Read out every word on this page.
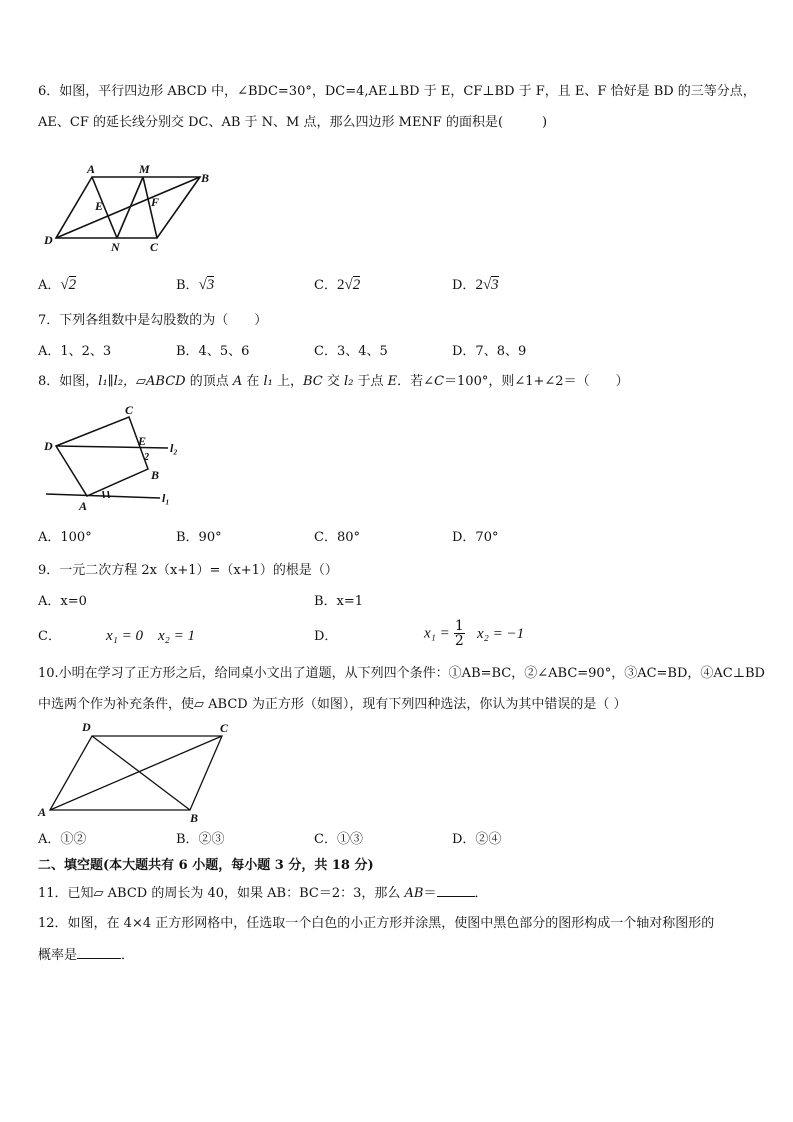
6．如图，平行四边形 ABCD 中，∠BDC=30°，DC=4,AE⊥BD 于 E，CF⊥BD 于 F，且 E、F 恰好是 BD 的三等分点，
AE、CF 的延长线分别交 DC、AB 于 N、M 点，那么四边形 MENF 的面积是(　　　)
A	M
B
E	F
D	N	C
A．√2	B．√3	C．2√2	D．2√3
7．下列各组数中是勾股数的为（　　）
A．1、2、3	B．4、5、6	C．3、4、5	D．7、8、9
8．如图，l₁∥l₂，▱ABCD 的顶点 A 在 l₁ 上，BC 交 l₂ 于点 E．若∠C＝100°，则∠1+∠2＝（　　）
C
D	E
2
l₂
B
A
l₁
A．100°	B．90°	C．80°	D．70°
9．一元二次方程 2x（x+1）=（x+1）的根是（）
A．x=0	B．x=1
C．	x₁ = 0　x₂ = 1	D．	$x_1 = \frac{1}{2} x_2 = -1$
10.小明在学习了正方形之后，给同桌小文出了道题，从下列四个条件：①AB=BC，②∠ABC=90°，③AC=BD，④AC⊥BD
中选两个作为补充条件，使▱ ABCD 为正方形（如图），现有下列四种选法，你认为其中错误的是（ ）
D	C
A	B
A．①②	B．②③	C．①③	D．②④
二、填空题(本大题共有 6 小题，每小题 3 分，共 18 分)
11．已知▱ ABCD 的周长为 40，如果 AB：BC＝2：3，那么 AB＝	．
12．如图，在 4×4 正方形网格中，任选取一个白色的小正方形并涂黑，使图中黑色部分的图形构成一个轴对称图形的
概率是	．
